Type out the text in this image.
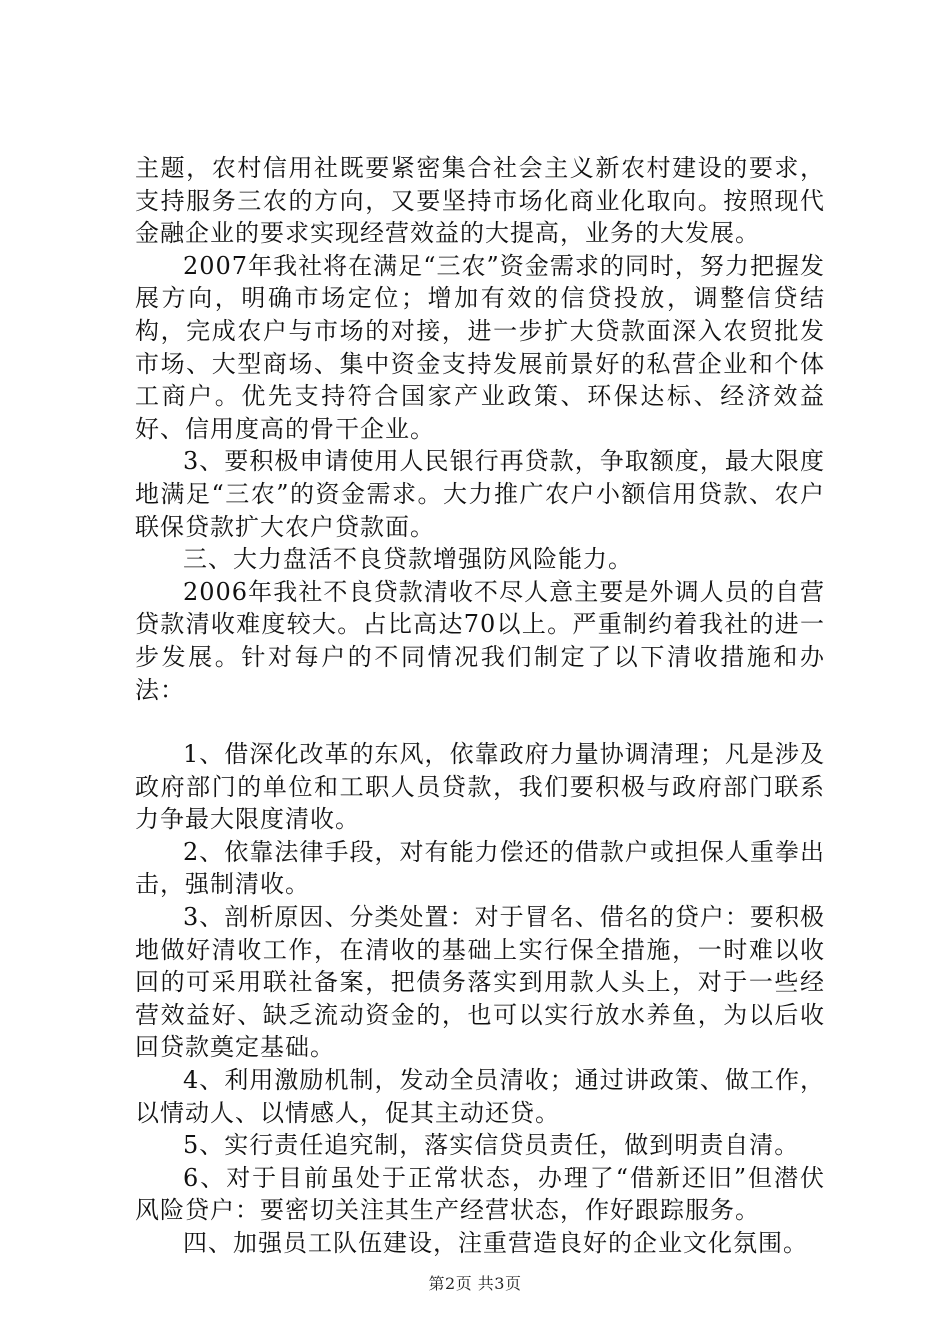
主题，农村信用社既要紧密集合社会主义新农村建设的要求，支持服务三农的方向，又要坚持市场化商业化取向。按照现代金融企业的要求实现经营效益的大提高，业务的大发展。

2007年我社将在满足“三农”资金需求的同时，努力把握发展方向，明确市场定位；增加有效的信贷投放，调整信贷结构，完成农户与市场的对接，进一步扩大贷款面深入农贸批发市场、大型商场、集中资金支持发展前景好的私营企业和个体工商户。优先支持符合国家产业政策、环保达标、经济效益好、信用度高的骨干企业。

3、要积极申请使用人民银行再贷款，争取额度，最大限度地满足“三农”的资金需求。大力推广农户小额信用贷款、农户联保贷款扩大农户贷款面。

三、大力盘活不良贷款增强防风险能力。

2006年我社不良贷款清收不尽人意主要是外调人员的自营贷款清收难度较大。占比高达70以上。严重制约着我社的进一步发展。针对每户的不同情况我们制定了以下清收措施和办法：

1、借深化改革的东风，依靠政府力量协调清理；凡是涉及政府部门的单位和工职人员贷款，我们要积极与政府部门联系力争最大限度清收。

2、依靠法律手段，对有能力偿还的借款户或担保人重拳出击，强制清收。

3、剖析原因、分类处置：对于冒名、借名的贷户：要积极地做好清收工作，在清收的基础上实行保全措施，一时难以收回的可采用联社备案，把债务落实到用款人头上，对于一些经营效益好、缺乏流动资金的，也可以实行放水养鱼，为以后收回贷款奠定基础。

4、利用激励机制，发动全员清收；通过讲政策、做工作，以情动人、以情感人，促其主动还贷。

5、实行责任追究制，落实信贷员责任，做到明责自清。

6、对于目前虽处于正常状态，办理了“借新还旧”但潜伏风险贷户：要密切关注其生产经营状态，作好跟踪服务。

四、加强员工队伍建设，注重营造良好的企业文化氛围。

第2页 共3页
